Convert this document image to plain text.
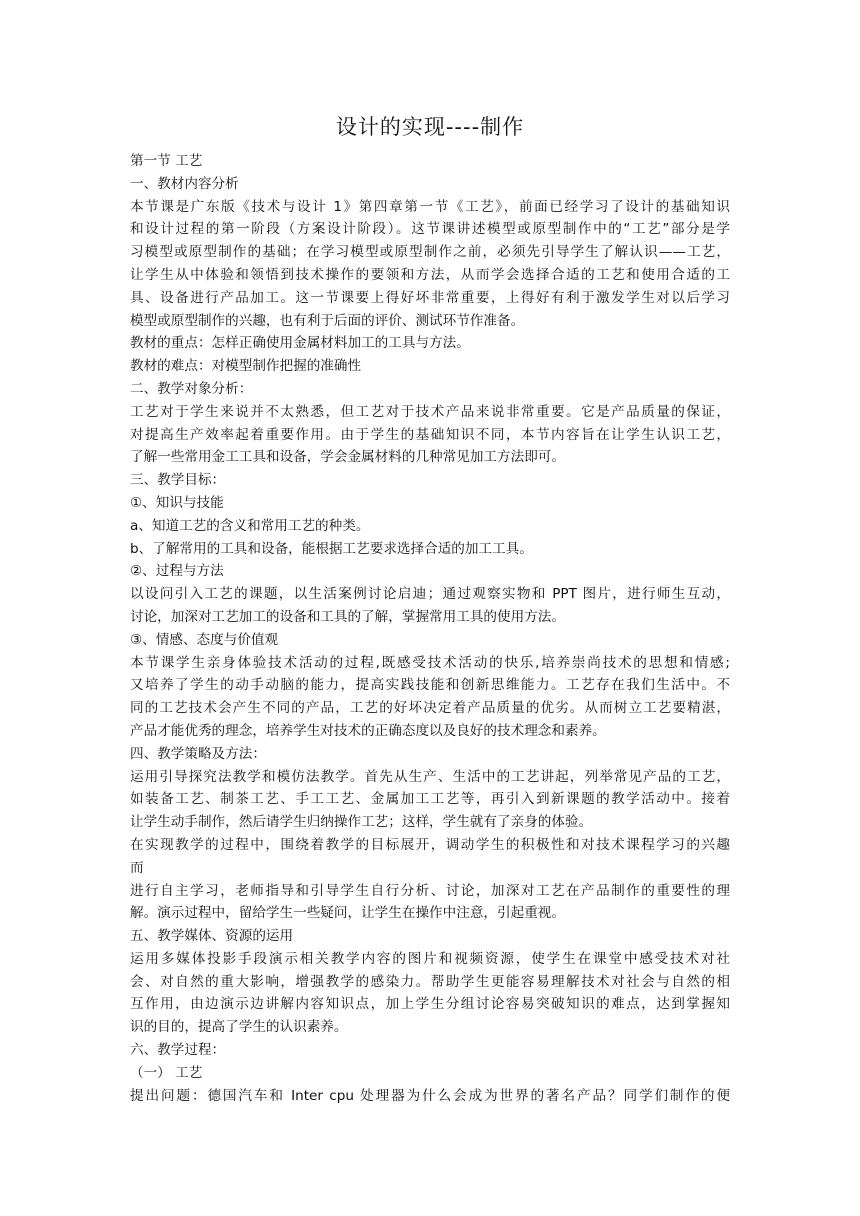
设计的实现----制作
第一节 工艺
一、教材内容分析
本节课是广东版《技术与设计 1》第四章第一节《工艺》，前面已经学习了设计的基础知识
和设计过程的第一阶段（方案设计阶段）。这节课讲述模型或原型制作中的“工艺”部分是学
习模型或原型制作的基础；在学习模型或原型制作之前，必须先引导学生了解认识——工艺，
让学生从中体验和领悟到技术操作的要领和方法，从而学会选择合适的工艺和使用合适的工
具、设备进行产品加工。这一节课要上得好坏非常重要，上得好有利于激发学生对以后学习
模型或原型制作的兴趣，也有利于后面的评价、测试环节作准备。
教材的重点：怎样正确使用金属材料加工的工具与方法。
教材的难点：对模型制作把握的准确性
二、教学对象分析：
工艺对于学生来说并不太熟悉，但工艺对于技术产品来说非常重要。它是产品质量的保证，
对提高生产效率起着重要作用。由于学生的基础知识不同，本节内容旨在让学生认识工艺，
了解一些常用金工工具和设备，学会金属材料的几种常见加工方法即可。
三、教学目标：
①、知识与技能
a、知道工艺的含义和常用工艺的种类。
b、了解常用的工具和设备，能根据工艺要求选择合适的加工工具。
②、过程与方法
以设问引入工艺的课题，以生活案例讨论启迪；通过观察实物和 PPT 图片，进行师生互动，
讨论，加深对工艺加工的设备和工具的了解，掌握常用工具的使用方法。
③、情感、态度与价值观
本节课学生亲身体验技术活动的过程,既感受技术活动的快乐,培养崇尚技术的思想和情感;
又培养了学生的动手动脑的能力，提高实践技能和创新思维能力。工艺存在我们生活中。不
同的工艺技术会产生不同的产品，工艺的好坏决定着产品质量的优劣。从而树立工艺要精湛，
产品才能优秀的理念，培养学生对技术的正确态度以及良好的技术理念和素养。
四、教学策略及方法：
运用引导探究法教学和模仿法教学。首先从生产、生活中的工艺讲起，列举常见产品的工艺，
如装备工艺、制茶工艺、手工工艺、金属加工工艺等，再引入到新课题的教学活动中。接着
让学生动手制作，然后请学生归纳操作工艺；这样，学生就有了亲身的体验。
在实现教学的过程中，围绕着教学的目标展开，调动学生的积极性和对技术课程学习的兴趣
而
进行自主学习，老师指导和引导学生自行分析、讨论，加深对工艺在产品制作的重要性的理
解。演示过程中，留给学生一些疑问，让学生在操作中注意，引起重视。
五、教学媒体、资源的运用
运用多媒体投影手段演示相关教学内容的图片和视频资源，使学生在课堂中感受技术对社
会、对自然的重大影响，增强教学的感染力。帮助学生更能容易理解技术对社会与自然的相
互作用，由边演示边讲解内容知识点，加上学生分组讨论容易突破知识的难点，达到掌握知
识的目的，提高了学生的认识素养。
六、教学过程：
（一） 工艺
提出问题：德国汽车和 Inter cpu 处理器为什么会成为世界的著名产品？同学们制作的便
